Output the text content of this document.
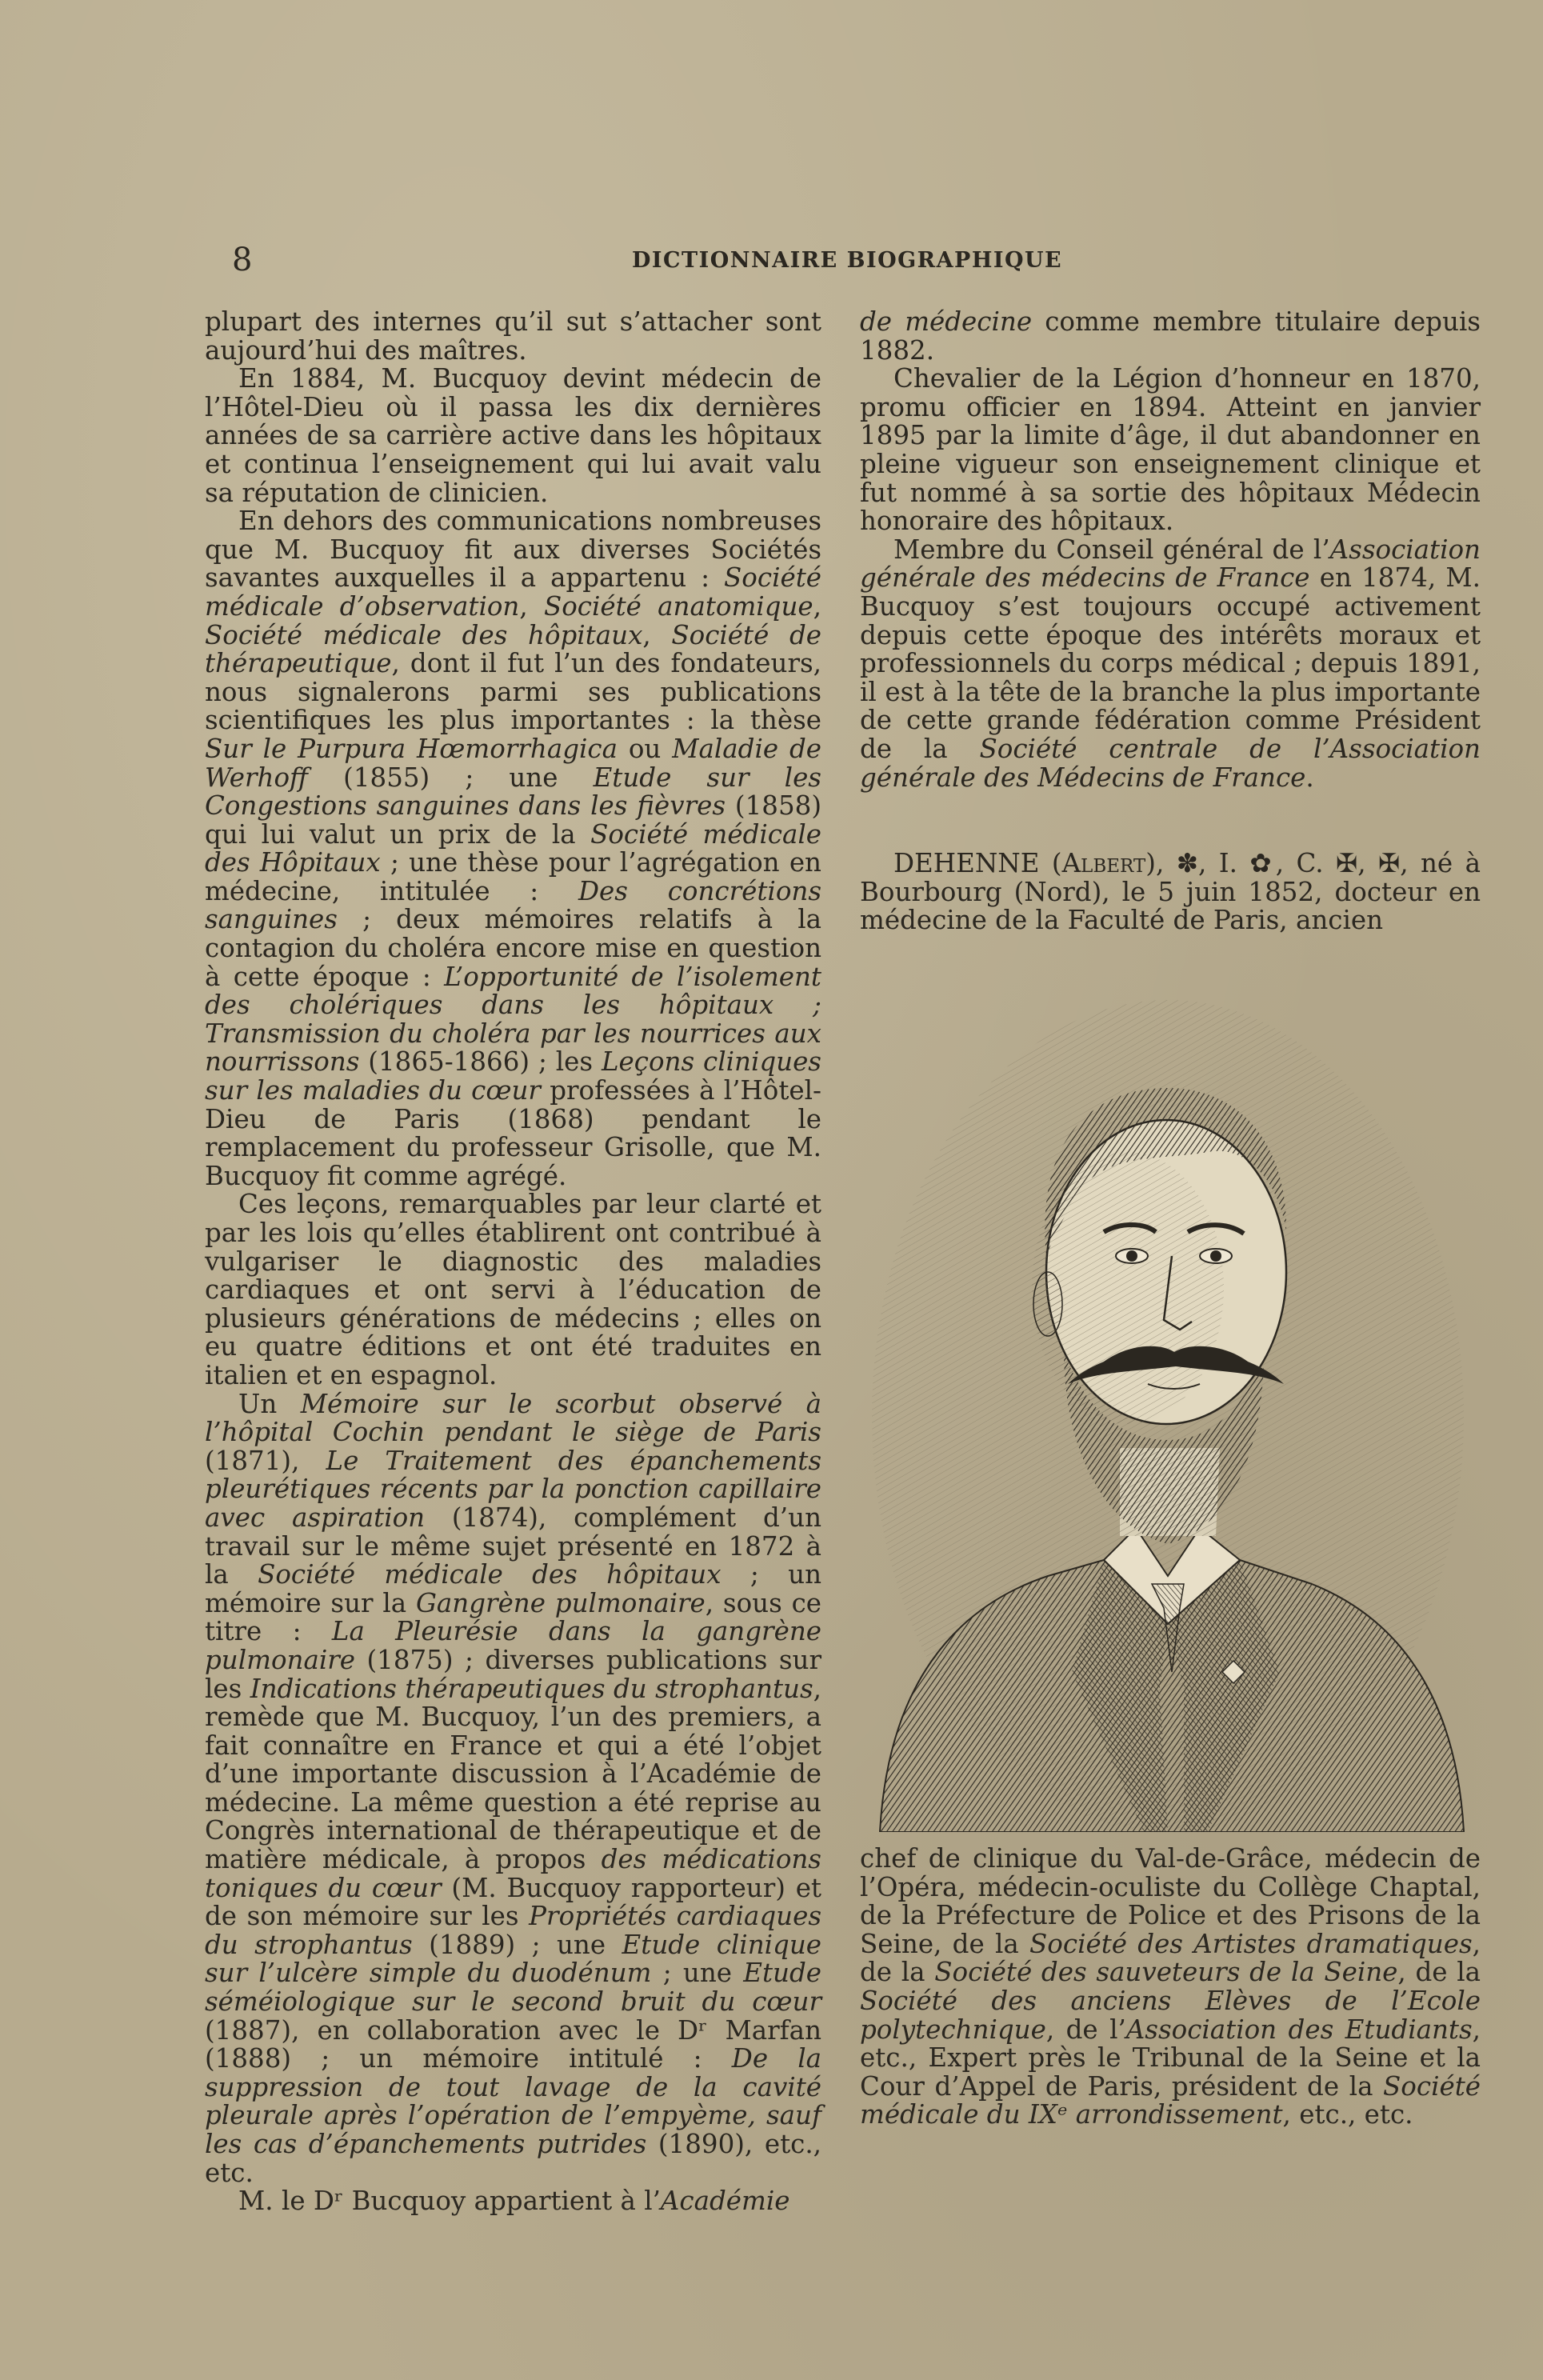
8	DICTIONNAIRE BIOGRAPHIQUE

plupart des internes qu’il sut s’attacher sont aujourd’hui des maîtres.

En 1884, M. Bucquoy devint médecin de l’Hôtel-Dieu où il passa les dix dernières années de sa carrière active dans les hôpitaux et continua l’enseignement qui lui avait valu sa réputation de clinicien.

En dehors des communications nombreuses que M. Bucquoy fit aux diverses Sociétés savantes auxquelles il a appartenu : Société médicale d’observation, Société anatomique, Société médicale des hôpitaux, Société de thérapeutique, dont il fut l’un des fondateurs, nous signalerons parmi ses publications scientifiques les plus importantes : la thèse Sur le Purpura Hœmorrhagica ou Maladie de Werhoff (1855) ; une Etude sur les Congestions sanguines dans les fièvres (1858) qui lui valut un prix de la Société médicale des Hôpitaux ; une thèse pour l’agrégation en médecine, intitulée : Des concrétions sanguines ; deux mémoires relatifs à la contagion du choléra encore mise en question à cette époque : L’opportunité de l’isolement des cholériques dans les hôpitaux ; Transmission du choléra par les nourrices aux nourrissons (1865-1866) ; les Leçons cliniques sur les maladies du cœur professées à l’Hôtel-Dieu de Paris (1868) pendant le remplacement du professeur Grisolle, que M. Bucquoy fit comme agrégé.

Ces leçons, remarquables par leur clarté et par les lois qu’elles établirent ont contribué à vulgariser le diagnostic des maladies cardiaques et ont servi à l’éducation de plusieurs générations de médecins ; elles on eu quatre éditions et ont été traduites en italien et en espagnol.

Un Mémoire sur le scorbut observé à l’hôpital Cochin pendant le siège de Paris (1871), Le Traitement des épanchements pleurétiques récents par la ponction capillaire avec aspiration (1874), complément d’un travail sur le même sujet présenté en 1872 à la Société médicale des hôpitaux ; un mémoire sur la Gangrène pulmonaire, sous ce titre : La Pleurésie dans la gangrène pulmonaire (1875) ; diverses publications sur les Indications thérapeutiques du strophantus, remède que M. Bucquoy, l’un des premiers, a fait connaître en France et qui a été l’objet d’une importante discussion à l’Académie de médecine. La même question a été reprise au Congrès international de thérapeutique et de matière médicale, à propos des médications toniques du cœur (M. Bucquoy rapporteur) et de son mémoire sur les Propriétés cardiaques du strophantus (1889) ; une Etude clinique sur l’ulcère simple du duodénum ; une Etude séméiologique sur le second bruit du cœur (1887), en collaboration avec le Dʳ Marfan (1888) ; un mémoire intitulé : De la suppression de tout lavage de la cavité pleurale après l’opération de l’empyème, sauf les cas d’épanchements putrides (1890), etc., etc.

M. le Dʳ Bucquoy appartient à l’Académie

de médecine comme membre titulaire depuis 1882.

Chevalier de la Légion d’honneur en 1870, promu officier en 1894. Atteint en janvier 1895 par la limite d’âge, il dut abandonner en pleine vigueur son enseignement clinique et fut nommé à sa sortie des hôpitaux Médecin honoraire des hôpitaux.

Membre du Conseil général de l’Association générale des médecins de France en 1874, M. Bucquoy s’est toujours occupé activement depuis cette époque des intérêts moraux et professionnels du corps médical ; depuis 1891, il est à la tête de la branche la plus importante de cette grande fédération comme Président de la Société centrale de l’Association générale des Médecins de France.

DEHENNE (Albert), ✽, I. ✿, C. ✠, ✠, né à Bourbourg (Nord), le 5 juin 1852, docteur en médecine de la Faculté de Paris, ancien

chef de clinique du Val-de-Grâce, médecin de l’Opéra, médecin-oculiste du Collège Chaptal, de la Préfecture de Police et des Prisons de la Seine, de la Société des Artistes dramatiques, de la Société des sauveteurs de la Seine, de la Société des anciens Elèves de l’Ecole polytechnique, de l’Association des Etudiants, etc., Expert près le Tribunal de la Seine et la Cour d’Appel de Paris, président de la Société médicale du IXᵉ arrondissement, etc., etc.
